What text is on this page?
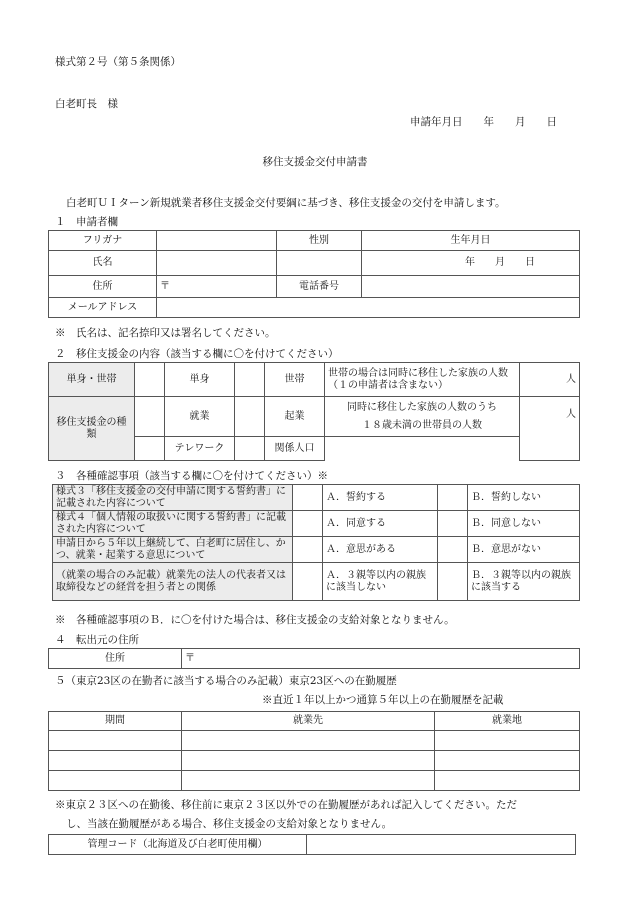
様式第２号（第５条関係）
白老町長　様
申請年月日　　年　　月　　日
移住支援金交付申請書
白老町ＵＩターン新規就業者移住支援金交付要綱に基づき、移住支援金の交付を申請します。
１　申請者欄
フリガナ		性別	生年月日
氏名			年　　月　　日
住所	〒	電話番号	
メールアドレス			
※　氏名は、記名捺印又は署名してください。
２　移住支援金の内容（該当する欄に〇を付けてください）
単身・世帯		単身		世帯	世帯の場合は同時に移住した家族の人数（１の申請者は含まない）	人
移住支援金の種類		就業		起業	同時に移住した家族の人数のうち
１８歳未満の世帯員の人数	人
		テレワーク		関係人口		
３　各種確認事項（該当する欄に〇を付けてください）※
様式３「移住支援金の交付申請に関する誓約書」に記載された内容について		Ａ．誓約する		Ｂ．誓約しない
様式４「個人情報の取扱いに関する誓約書」に記載された内容について		Ａ．同意する		Ｂ．同意しない
申請日から５年以上継続して、白老町に居住し、かつ、就業・起業する意思について		Ａ．意思がある		Ｂ．意思がない
（就業の場合のみ記載）就業先の法人の代表者又は取締役などの経営を担う者との関係		Ａ．３親等以内の親族に該当しない		Ｂ．３親等以内の親族に該当する
※　各種確認事項のＢ．に〇を付けた場合は、移住支援金の支給対象となりません。
４　転出元の住所
住所	〒
５（東京23区の在勤者に該当する場合のみ記載）東京23区への在勤履歴
※直近１年以上かつ通算５年以上の在勤履歴を記載
期間	就業先	就業地

※東京２３区への在勤後、移住前に東京２３区以外での在勤履歴があれば記入してください。ただ
し、当該在勤履歴がある場合、移住支援金の支給対象となりません。
管理コード（北海道及び白老町使用欄）	
